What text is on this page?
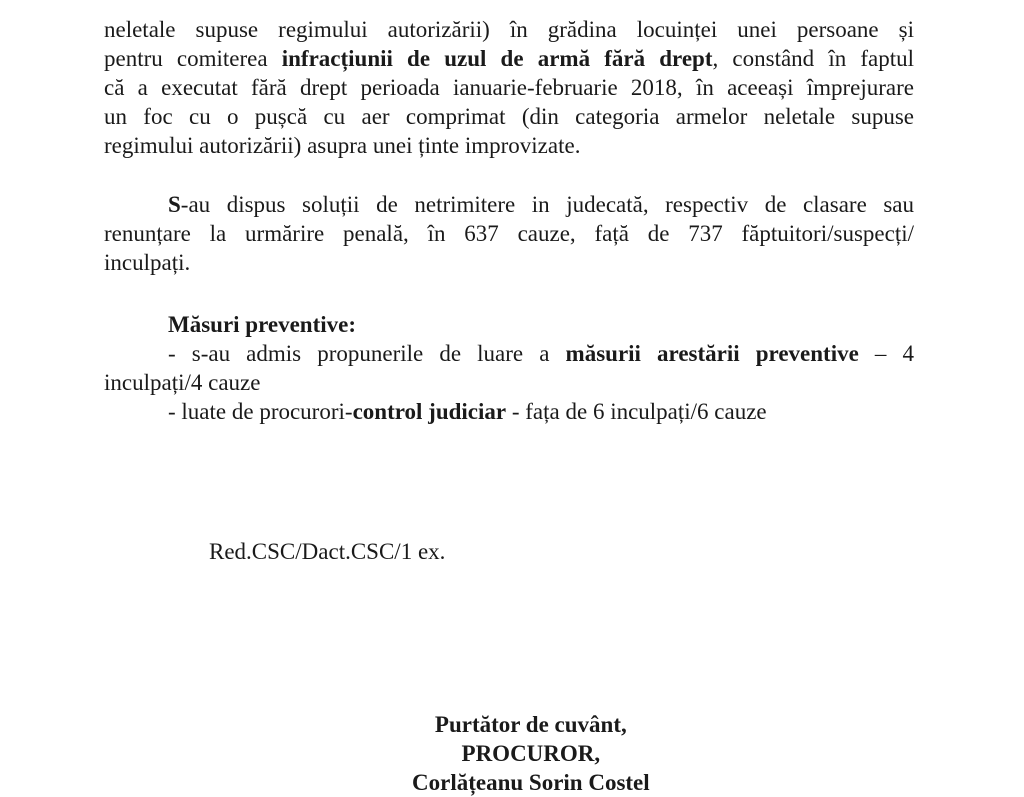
neletale supuse regimului autorizării) în grădina locuinței unei persoane și
pentru comiterea infracțiunii de uzul de armă fără drept, constând în faptul
că a executat fără drept perioada ianuarie-februarie 2018, în aceeași împrejurare
un foc cu o pușcă cu aer comprimat (din categoria armelor neletale supuse
regimului autorizării) asupra unei ținte improvizate.
S-au dispus soluții de netrimitere in judecată, respectiv de clasare sau
renunțare la urmărire penală, în 637 cauze, față de 737 făptuitori/suspecți/
inculpați.
Măsuri preventive:
- s-au admis propunerile de luare a măsurii arestării preventive – 4
inculpați/4 cauze
- luate de procurori-control judiciar - fața de 6 inculpați/6 cauze
Red.CSC/Dact.CSC/1 ex.
Purtător de cuvânt,
PROCUROR,
Corlățeanu Sorin Costel
